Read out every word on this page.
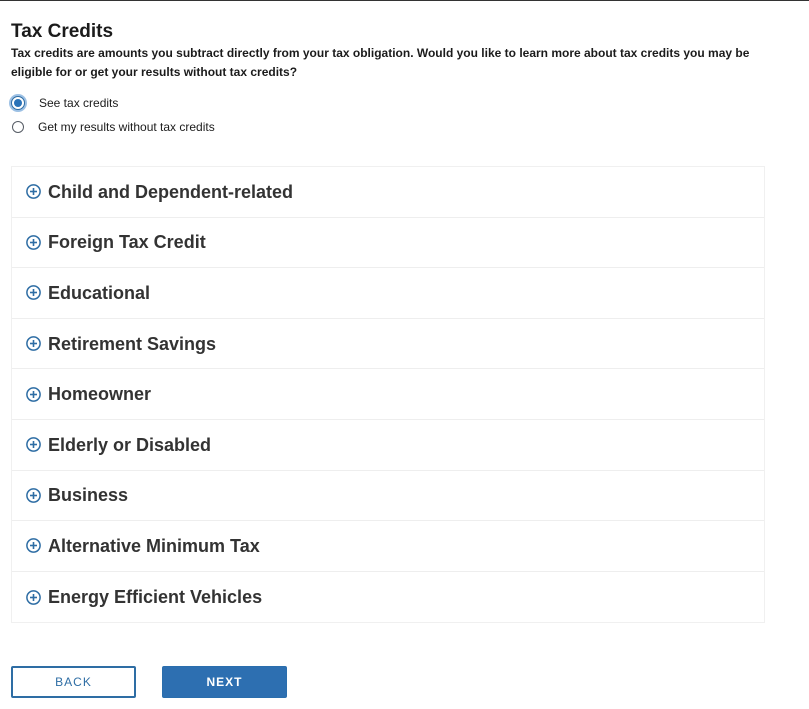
Tax Credits

Tax credits are amounts you subtract directly from your tax obligation. Would you like to learn more about tax credits you may be eligible for or get your results without tax credits?

See tax credits
Get my results without tax credits
Child and Dependent-related
Foreign Tax Credit
Educational
Retirement Savings
Homeowner
Elderly or Disabled
Business
Alternative Minimum Tax
Energy Efficient Vehicles
BACK	NEXT
